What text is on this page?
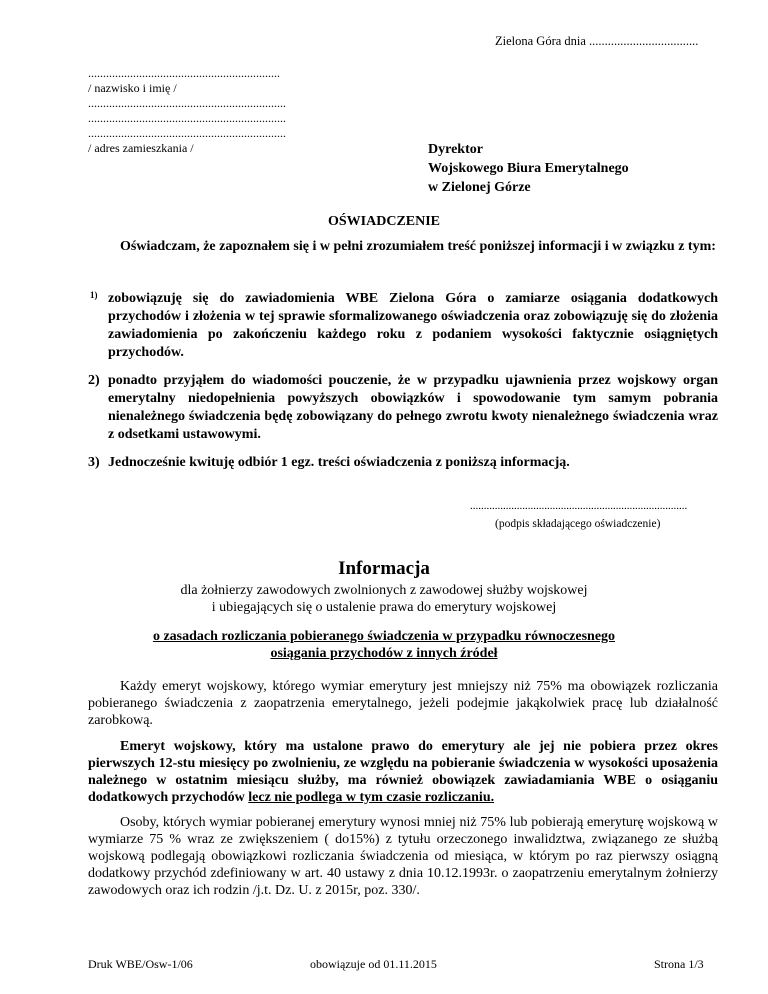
Zielona Góra dnia ...................................
................................................................
/ nazwisko i imię /
..................................................................
..................................................................
..................................................................
/ adres zamieszkania /	Dyrektor
Wojskowego Biura Emerytalnego
w Zielonej Górze
OŚWIADCZENIE
Oświadczam, że zapoznałem się i w pełni zrozumiałem treść poniższej informacji i w związku z tym:
1) zobowiązuję się do zawiadomienia WBE Zielona Góra o zamiarze osiągania dodatkowych przychodów i złożenia w tej sprawie sformalizowanego oświadczenia oraz zobowiązuję się do złożenia zawiadomienia po zakończeniu każdego roku z podaniem wysokości faktycznie osiągniętych przychodów.
2) ponadto przyjąłem do wiadomości pouczenie, że w przypadku ujawnienia przez wojskowy organ emerytalny niedopełnienia powyższych obowiązków i spowodowanie tym samym pobrania nienależnego świadczenia będę zobowiązany do pełnego zwrotu kwoty nienależnego świadczenia wraz z odsetkami ustawowymi.
3) Jednocześnie kwituję odbiór 1 egz. treści oświadczenia z poniższą informacją.
...............................................................................
(podpis składającego oświadczenie)
Informacja
dla żołnierzy zawodowych zwolnionych z zawodowej służby wojskowej
i ubiegających się o ustalenie prawa do emerytury wojskowej
o zasadach rozliczania pobieranego świadczenia w przypadku równoczesnego
osiągania przychodów z innych źródeł
Każdy emeryt wojskowy, którego wymiar emerytury jest mniejszy niż 75% ma obowiązek rozliczania pobieranego świadczenia z zaopatrzenia emerytalnego, jeżeli podejmie jakąkolwiek pracę lub działalność zarobkową.
Emeryt wojskowy, który ma ustalone prawo do emerytury ale jej nie pobiera przez okres pierwszych 12-stu miesięcy po zwolnieniu, ze względu na pobieranie świadczenia w wysokości uposażenia należnego w ostatnim miesiącu służby, ma również obowiązek zawiadamiania WBE o osiąganiu dodatkowych przychodów lecz nie podlega w tym czasie rozliczaniu.
Osoby, których wymiar pobieranej emerytury wynosi mniej niż 75% lub pobierają emeryturę wojskową w wymiarze 75 % wraz ze zwiększeniem ( do15%) z tytułu orzeczonego inwalidztwa, związanego ze służbą wojskową podlegają obowiązkowi rozliczania świadczenia od miesiąca, w którym po raz pierwszy osiągną dodatkowy przychód zdefiniowany w art. 40 ustawy z dnia 10.12.1993r. o zaopatrzeniu emerytalnym żołnierzy zawodowych oraz ich rodzin /j.t. Dz. U. z 2015r, poz. 330/.
Druk WBE/Osw-1/06	obowiązuje od 01.11.2015	Strona 1/3
